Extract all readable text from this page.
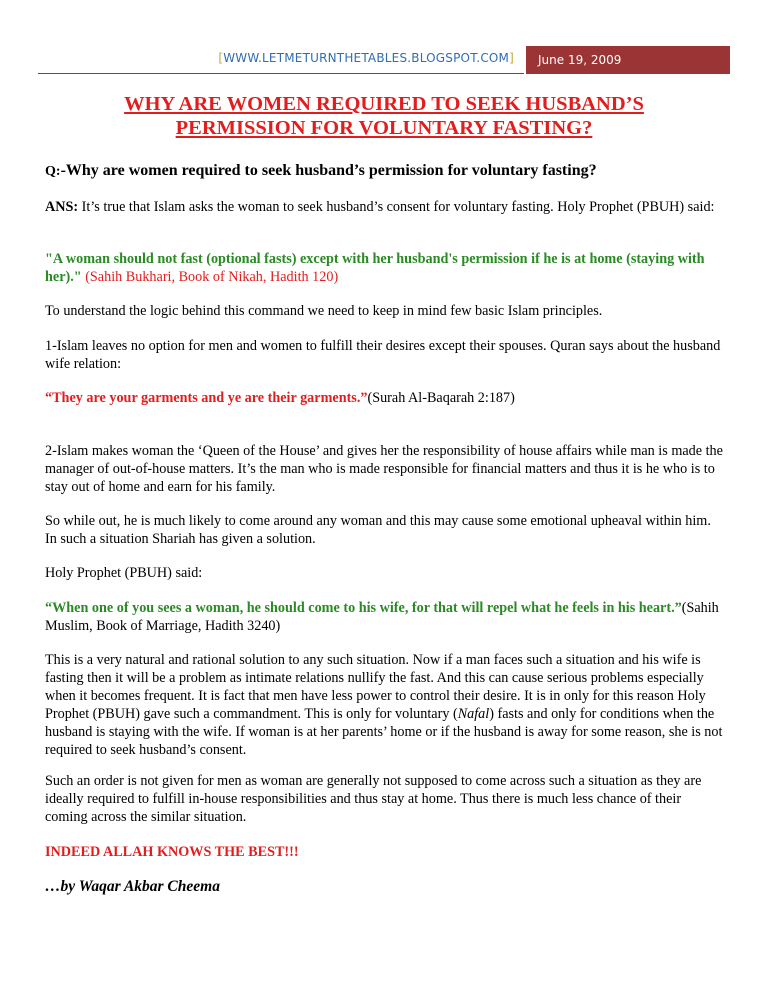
[WWW.LETMETURNTHETABLES.BLOGSPOT.COM]	June 19, 2009
WHY ARE WOMEN REQUIRED TO SEEK HUSBAND’S
PERMISSION FOR VOLUNTARY FASTING?
Q:-Why are women required to seek husband’s permission for voluntary fasting?
ANS: It’s true that Islam asks the woman to seek husband’s consent for voluntary fasting. Holy Prophet (PBUH) said:
"A woman should not fast (optional fasts) except with her husband's permission if he is at home (staying with her)." (Sahih Bukhari, Book of Nikah, Hadith 120)
To understand the logic behind this command we need to keep in mind few basic Islam principles.
1-Islam leaves no option for men and women to fulfill their desires except their spouses. Quran says about the husband wife relation:
“They are your garments and ye are their garments.”(Surah Al-Baqarah 2:187)
2-Islam makes woman the ‘Queen of the House’ and gives her the responsibility of house affairs while man is made the manager of out-of-house matters. It’s the man who is made responsible for financial matters and thus it is he who is to stay out of home and earn for his family.
So while out, he is much likely to come around any woman and this may cause some emotional upheaval within him. In such a situation Shariah has given a solution.
Holy Prophet (PBUH) said:
“When one of you sees a woman, he should come to his wife, for that will repel what he feels in his heart.”(Sahih Muslim, Book of Marriage, Hadith 3240)
This is a very natural and rational solution to any such situation. Now if a man faces such a situation and his wife is fasting then it will be a problem as intimate relations nullify the fast. And this can cause serious problems especially when it becomes frequent. It is fact that men have less power to control their desire. It is in only for this reason Holy Prophet (PBUH) gave such a commandment. This is only for voluntary (Nafal) fasts and only for conditions when the husband is staying with the wife. If woman is at her parents’ home or if the husband is away for some reason, she is not required to seek husband’s consent.
Such an order is not given for men as woman are generally not supposed to come across such a situation as they are ideally required to fulfill in-house responsibilities and thus stay at home. Thus there is much less chance of their coming across the similar situation.
INDEED ALLAH KNOWS THE BEST!!!
…by Waqar Akbar Cheema
